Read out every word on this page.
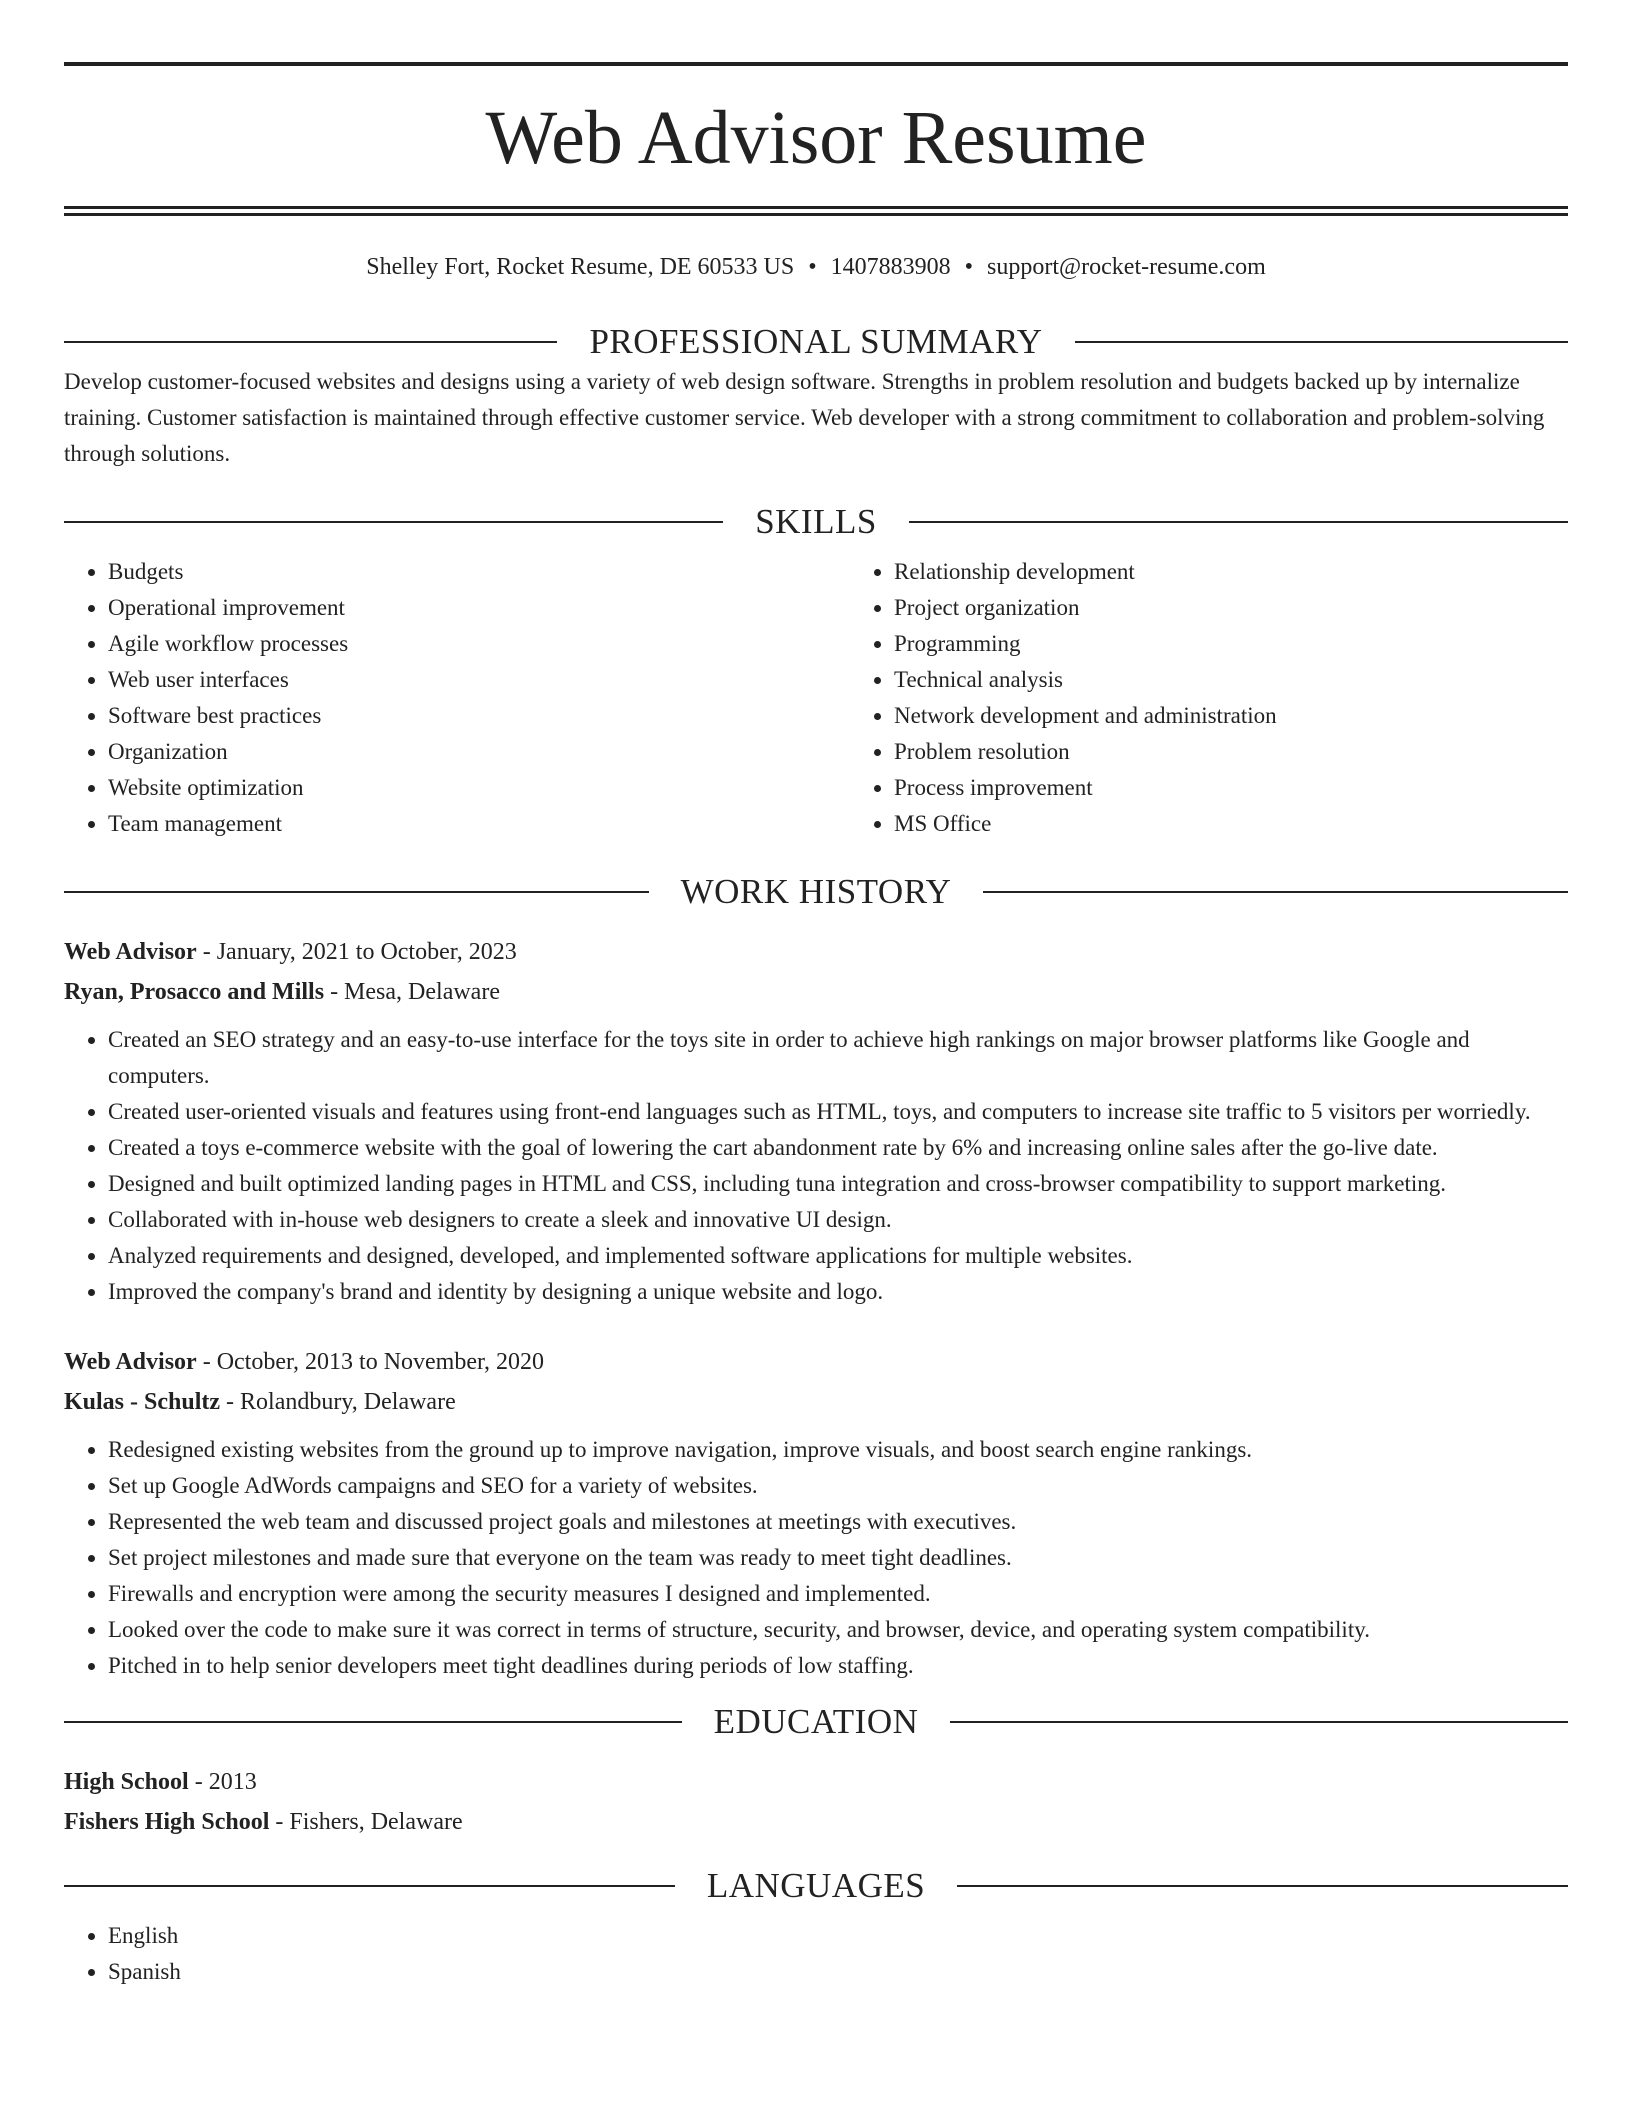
Web Advisor Resume
Shelley Fort, Rocket Resume, DE 60533 US • 1407883908 • support@rocket-resume.com
PROFESSIONAL SUMMARY

Develop customer-focused websites and designs using a variety of web design software. Strengths in problem resolution and budgets backed up by internalize training. Customer satisfaction is maintained through effective customer service. Web developer with a strong commitment to collaboration and problem-solving through solutions.

SKILLS
• Budgets
• Operational improvement
• Agile workflow processes
• Web user interfaces
• Software best practices
• Organization
• Website optimization
• Team management
• Relationship development
• Project organization
• Programming
• Technical analysis
• Network development and administration
• Problem resolution
• Process improvement
• MS Office
WORK HISTORY
Web Advisor - January, 2021 to October, 2023
Ryan, Prosacco and Mills - Mesa, Delaware
• Created an SEO strategy and an easy-to-use interface for the toys site in order to achieve high rankings on major browser platforms like Google and computers.
• Created user-oriented visuals and features using front-end languages such as HTML, toys, and computers to increase site traffic to 5 visitors per worriedly.
• Created a toys e-commerce website with the goal of lowering the cart abandonment rate by 6% and increasing online sales after the go-live date.
• Designed and built optimized landing pages in HTML and CSS, including tuna integration and cross-browser compatibility to support marketing.
• Collaborated with in-house web designers to create a sleek and innovative UI design.
• Analyzed requirements and designed, developed, and implemented software applications for multiple websites.
• Improved the company's brand and identity by designing a unique website and logo.
Web Advisor - October, 2013 to November, 2020
Kulas - Schultz - Rolandbury, Delaware
• Redesigned existing websites from the ground up to improve navigation, improve visuals, and boost search engine rankings.
• Set up Google AdWords campaigns and SEO for a variety of websites.
• Represented the web team and discussed project goals and milestones at meetings with executives.
• Set project milestones and made sure that everyone on the team was ready to meet tight deadlines.
• Firewalls and encryption were among the security measures I designed and implemented.
• Looked over the code to make sure it was correct in terms of structure, security, and browser, device, and operating system compatibility.
• Pitched in to help senior developers meet tight deadlines during periods of low staffing.
EDUCATION
High School - 2013
Fishers High School - Fishers, Delaware
LANGUAGES
• English
• Spanish
